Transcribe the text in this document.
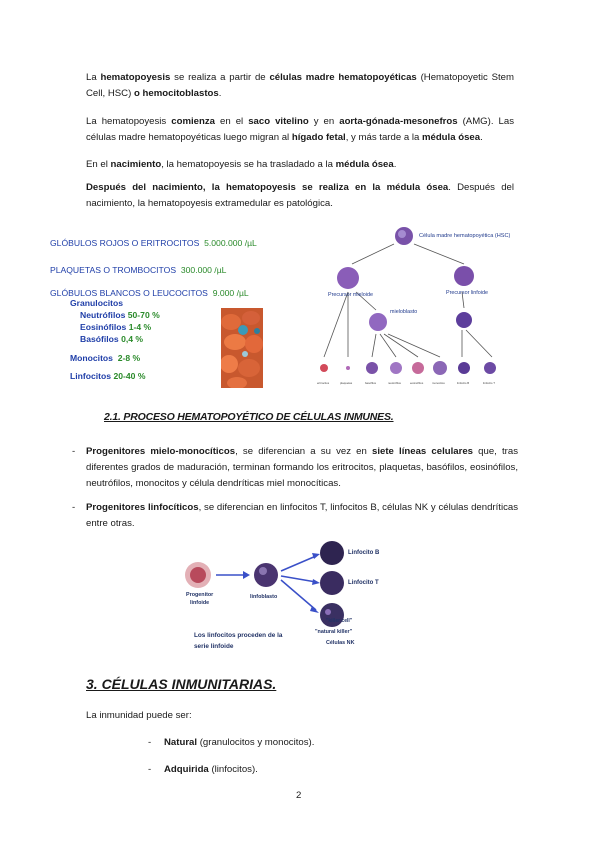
La hematopoyesis se realiza a partir de células madre hematopoyéticas (Hematopoyetic Stem Cell, HSC) o hemocitoblastos.

La hematopoyesis comienza en el saco vitelino y en aorta-gónada-mesonefros (AMG). Las células madre hematopoyéticas luego migran al hígado fetal, y más tarde a la médula ósea.

En el nacimiento, la hematopoyesis se ha trasladado a la médula ósea.

Después del nacimiento, la hematopoyesis se realiza en la médula ósea. Después del nacimiento, la hematopoyesis extramedular es patológica.

GLÓBULOS ROJOS O ERITROCITOS 5.000.000 /µL
PLAQUETAS O TROMBOCITOS 300.000 /µL
GLÓBULOS BLANCOS O LEUCOCITOS 9.000 /µL
Granulocitos
Neutrófilos 50-70 %
Eosinófilos 1-4 %
Basófilos 0,4 %
Monocitos 2-8 %
Linfocitos 20-40 %
Célula madre hematopoyética (HSC)
Precursor mieloide	Precursor linfoide
mieloblasto
eritrocitos	plaquetas	basófilos	neutrófilos	eosinófilos	monocitos	linfocito B	linfocito T
2.1. PROCESO HEMATOPOYÉTICO DE CÉLULAS INMUNES.
- Progenitores mielo-monocíticos, se diferencian a su vez en siete líneas celulares que, tras diferentes grados de maduración, terminan formando los eritrocitos, plaquetas, basófilos, eosinófilos, neutrófilos, monocitos y célula dendríticas miel monocíticas.

- Progenitores linfocíticos, se diferencian en linfocitos T, linfocitos B, células NK y células dendríticas entre otras.

Linfocito B
Linfocito T
"killer cell"
"natural killer"
Células NK
Progenitor
linfoide
linfoblasto
Los linfocitos proceden de la
serie linfoide
3. CÉLULAS INMUNITARIAS.
La inmunidad puede ser:
- Natural (granulocitos y monocitos).
- Adquirida (linfocitos).
2
